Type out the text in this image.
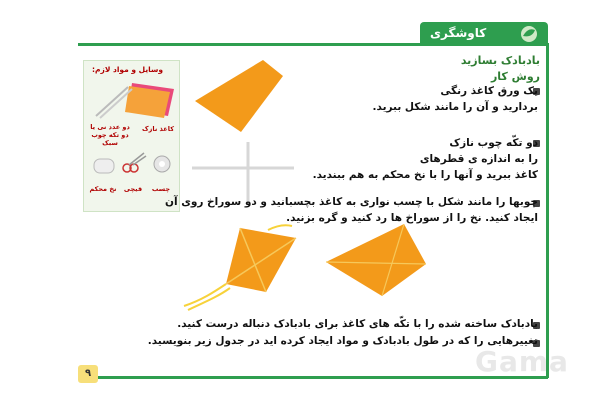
کاوشگری
بادبادک بسازید
روش کار
وسایل و مواد لازم:
کاغذ نازک
دو عدد نی یا دو تکه چوب سبک
نخ محکم قیچی چسب
یک ورق کاغذ رنگی
بردارید و آن را مانند شکل ببرید.
دو تکّه چوب نازک
را به اندازه ی قطرهای
کاغذ ببرید و آنها را با نخ محکم به هم ببندید.
چوبها را مانند شکل با چسب نواری به کاغذ بچسبانید و دو سوراخ روی آن
ایجاد کنید. نخ را از سوراخ ها رد کنید و گره بزنید.
بادبادک ساخته شده را با تکّه های کاغذ برای بادبادک دنباله درست کنید.
تغییرهایی را که در طول بادبادک و مواد ایجاد کرده اید در جدول زیر بنویسید.
۹	Gama
